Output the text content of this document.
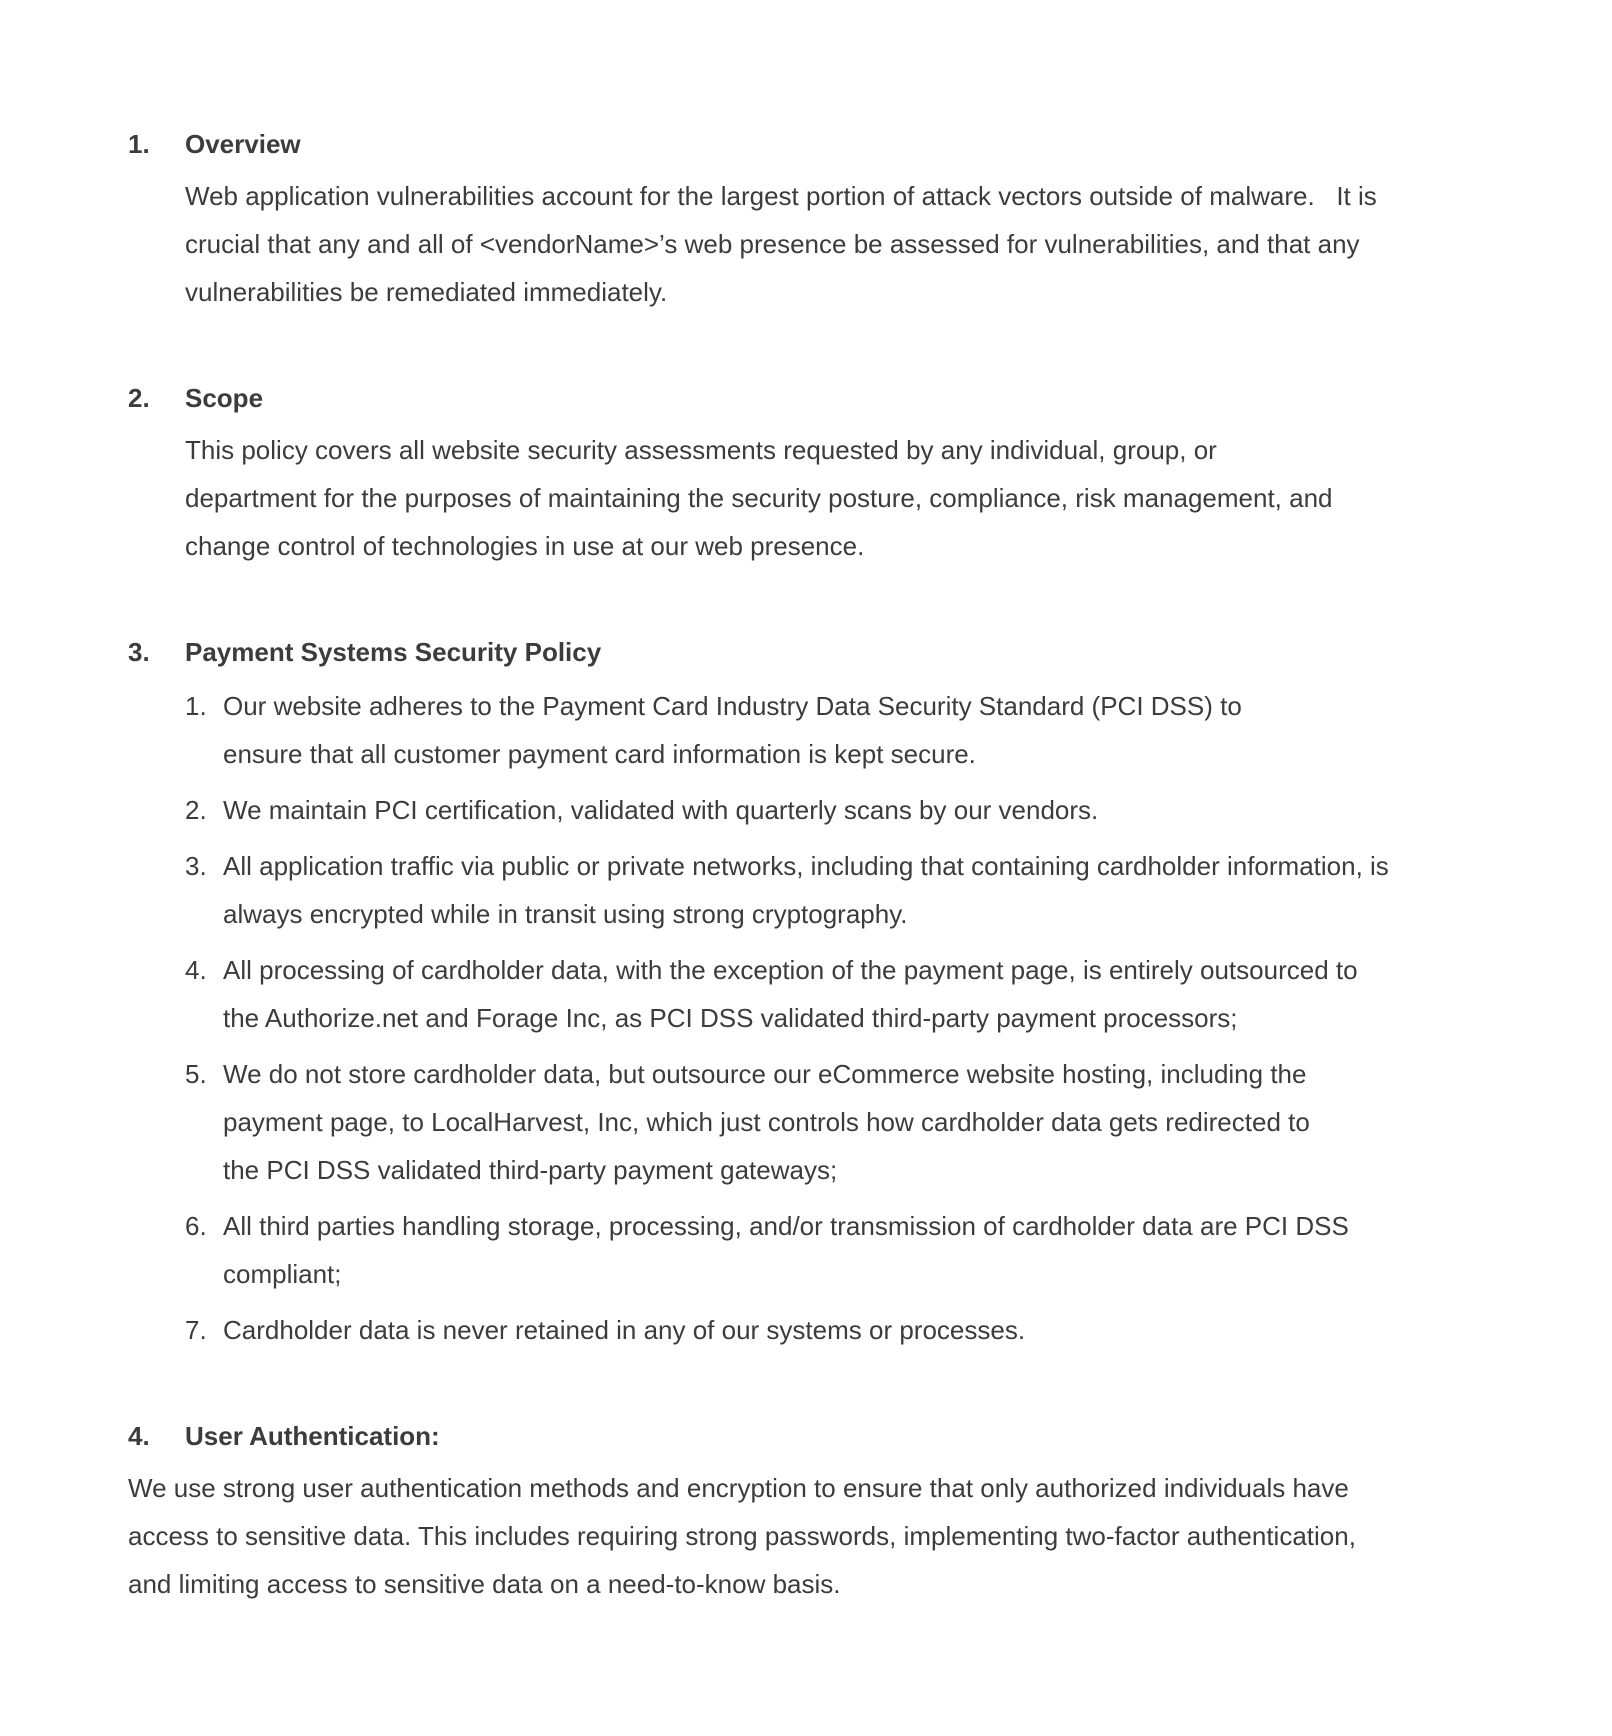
1.	Overview

Web application vulnerabilities account for the largest portion of attack vectors outside of malware.   It is crucial that any and all of <vendorName>’s web presence be assessed for vulnerabilities, and that any vulnerabilities be remediated immediately.

2.	Scope

This policy covers all website security assessments requested by any individual, group, or department for the purposes of maintaining the security posture, compliance, risk management, and change control of technologies in use at our web presence.

3.	Payment Systems Security Policy
1. Our website adheres to the Payment Card Industry Data Security Standard (PCI DSS) to ensure that all customer payment card information is kept secure.

2. We maintain PCI certification, validated with quarterly scans by our vendors.

3. All application traffic via public or private networks, including that containing cardholder information, is always encrypted while in transit using strong cryptography.

4. All processing of cardholder data, with the exception of the payment page, is entirely outsourced to the Authorize.net and Forage Inc, as PCI DSS validated third-party payment processors;

5. We do not store cardholder data, but outsource our eCommerce website hosting, including the payment page, to LocalHarvest, Inc, which just controls how cardholder data gets redirected to the PCI DSS validated third-party payment gateways;

6. All third parties handling storage, processing, and/or transmission of cardholder data are PCI DSS compliant;

7. Cardholder data is never retained in any of our systems or processes.

4.	User Authentication:

We use strong user authentication methods and encryption to ensure that only authorized individuals have access to sensitive data. This includes requiring strong passwords, implementing two-factor authentication, and limiting access to sensitive data on a need-to-know basis.
